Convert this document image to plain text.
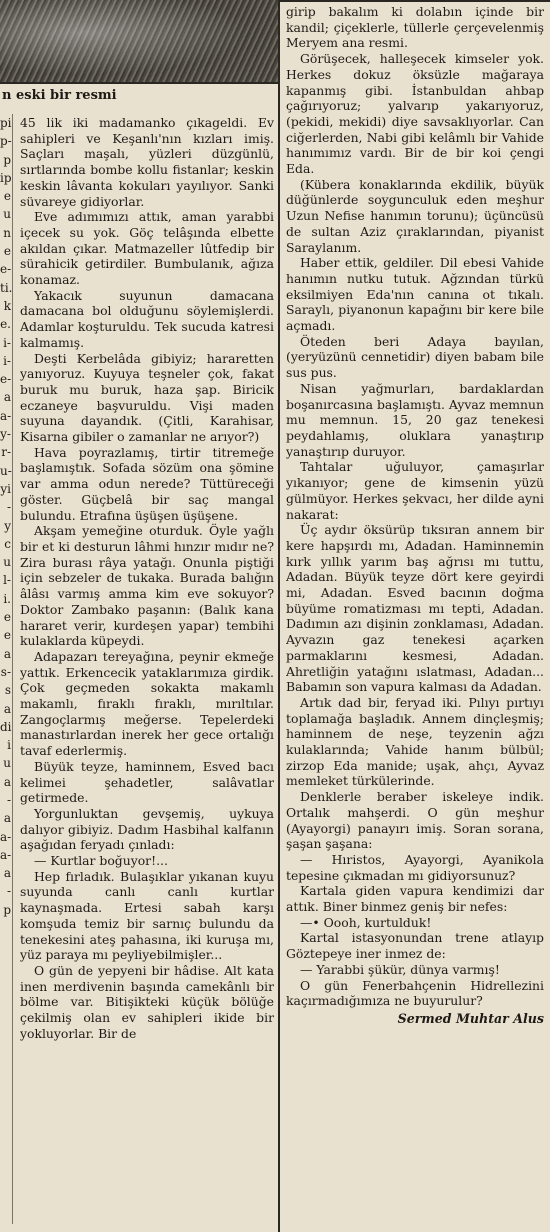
n eski bir resmi
pi
p-
p
ip
e
u
n
e
e-
ti.
k
e.
i-
i-
e-
a
a-
y-
r-
u-
yi
-
y
c
u
l-
i.
e
e
a
s-
s
a
di
i
u
a
-
a
a-
a-
a
-
p

45 lik iki madamanko çıkageldi. Ev sahipleri ve Keşanlı'nın kızları imiş. Saçları maşalı, yüzleri düzgünlü, sırtlarında bombe kollu fistanlar; keskin keskin lâvanta kokuları yayılıyor. Sanki süvareye gidiyorlar.

Eve adımımızı attık, aman yarabbi içecek su yok. Göç telâşında elbette akıldan çıkar. Matmazeller lûtfedip bir sürahicik getirdiler. Bumbulanık, ağıza konamaz.

Yakacık suyunun damacana damacana bol olduğunu söylemişlerdi. Adamlar koşturuldu. Tek sucuda katresi kalmamış.

Deşti Kerbelâda gibiyiz; hararetten yanıyoruz. Kuyuya teşneler çok, fakat buruk mu buruk, haza şap. Biricik eczaneye başvuruldu. Vişi maden suyuna dayandık. (Çitli, Karahisar, Kisarna gibiler o zamanlar ne arıyor?)

Hava poyrazlamış, tirtir titremeğe başlamıştık. Sofada sözüm ona şömine var amma odun nerede? Tüttüreceği göster. Güçbelâ bir saç mangal bulundu. Etrafına üşüşen üşüşene.

Akşam yemeğine oturduk. Öyle yağlı bir et ki desturun lâhmi hınzır mıdır ne? Zira burası râya yatağı. Onunla piştiği için sebzeler de tukaka. Burada balığın âlâsı varmış amma kim eve sokuyor? Doktor Zambako paşanın: (Balık kana hararet verir, kurdeşen yapar) tembihi kulaklarda küpeydi.

Adapazarı tereyağına, peynir ekmeğe yattık. Erkencecik yataklarımıza girdik. Çok geçmeden sokakta makamlı makamlı, fıraklı fıraklı, mırıltılar. Zangoçlarmış meğerse. Tepelerdeki manastırlardan inerek her gece ortalığı tavaf ederlermiş.

Büyük teyze, haminnem, Esved bacı kelimei şehadetler, salâvatlar getirmede.

Yorgunluktan gevşemiş, uykuya dalıyor gibiyiz. Dadım Hasbihal kalfanın aşağıdan feryadı çınladı:

— Kurtlar boğuyor!...

Hep fırladık. Bulaşıklar yıkanan kuyu suyunda canlı canlı kurtlar kaynaşmada. Ertesi sabah karşı komşuda temiz bir sarnıç bulundu da tenekesini ateş pahasına, iki kuruşa mı, yüz paraya mı peyliyebilmişler...

O gün de yepyeni bir hâdise. Alt kata inen merdivenin başında camekânlı bir bölme var. Bitişikteki küçük bölüğe çekilmiş olan ev sahipleri ikide bir yokluyorlar. Bir de

girip bakalım ki dolabın içinde bir kandil; çiçeklerle, tüllerle çerçevelenmiş Meryem ana resmi.

Görüşecek, halleşecek kimseler yok. Herkes dokuz öksüzle mağaraya kapanmış gibi. İstanbuldan ahbap çağırıyoruz; yalvarıp yakarıyoruz, (pekidi, mekidi) diye savsaklıyorlar. Can ciğerlerden, Nabi gibi kelâmlı bir Vahide hanımımız vardı. Bir de bir koi çengi Eda.

(Kübera konaklarında ekdilik, büyük düğünlerde soygunculuk eden meşhur Uzun Nefise hanımın torunu); üçüncüsü de sultan Aziz çıraklarından, piyanist Saraylanım.

Haber ettik, geldiler. Dil ebesi Vahide hanımın nutku tutuk. Ağzından türkü eksilmiyen Eda'nın canına ot tıkalı. Saraylı, piyanonun kapağını bir kere bile açmadı.

Öteden beri Adaya bayılan, (yeryüzünü cennetidir) diyen babam bile sus pus.

Nisan yağmurları, bardaklardan boşanırcasına başlamıştı. Ayvaz memnun mu memnun. 15, 20 gaz tenekesi peydahlamış, oluklara yanaştırıp yanaştırıp duruyor.

Tahtalar uğuluyor, çamaşırlar yıkanıyor; gene de kimsenin yüzü gülmüyor. Herkes şekvacı, her dilde ayni nakarat:

Üç aydır öksürüp tıksıran annem bir kere hapşırdı mı, Adadan. Haminnemin kırk yıllık yarım baş ağrısı mı tuttu, Adadan. Büyük teyze dört kere geyirdi mi, Adadan. Esved bacının doğma büyüme romatizması mı tepti, Adadan. Dadımın azı dişinin zonklaması, Adadan. Ayvazın gaz tenekesi açarken parmaklarını kesmesi, Adadan. Ahretliğin yatağını ıslatması, Adadan... Babamın son vapura kalması da Adadan.

Artık dad bir, feryad iki. Pılıyı pırtıyı toplamağa başladık. Annem dinçleşmiş; haminnem de neşe, teyzenin ağzı kulaklarında; Vahide hanım bülbül; zirzop Eda manide; uşak, ahçı, Ayvaz memleket türkülerinde.

Denklerle beraber iskeleye indik. Ortalık mahşerdi. O gün meşhur (Ayayorgi) panayırı imiş. Soran sorana, şaşan şaşana:

— Hıristos, Ayayorgi, Ayanikola tepesine çıkmadan mı gidiyorsunuz?

Kartala giden vapura kendimizi dar attık. Biner binmez geniş bir nefes:

—• Oooh, kurtulduk!

Kartal istasyonundan trene atlayıp Göztepeye iner inmez de:

— Yarabbi şükür, dünya varmış!

O gün Fenerbahçenin Hidrellezini kaçırmadığımıza ne buyurulur?

Sermed Muhtar Alus
